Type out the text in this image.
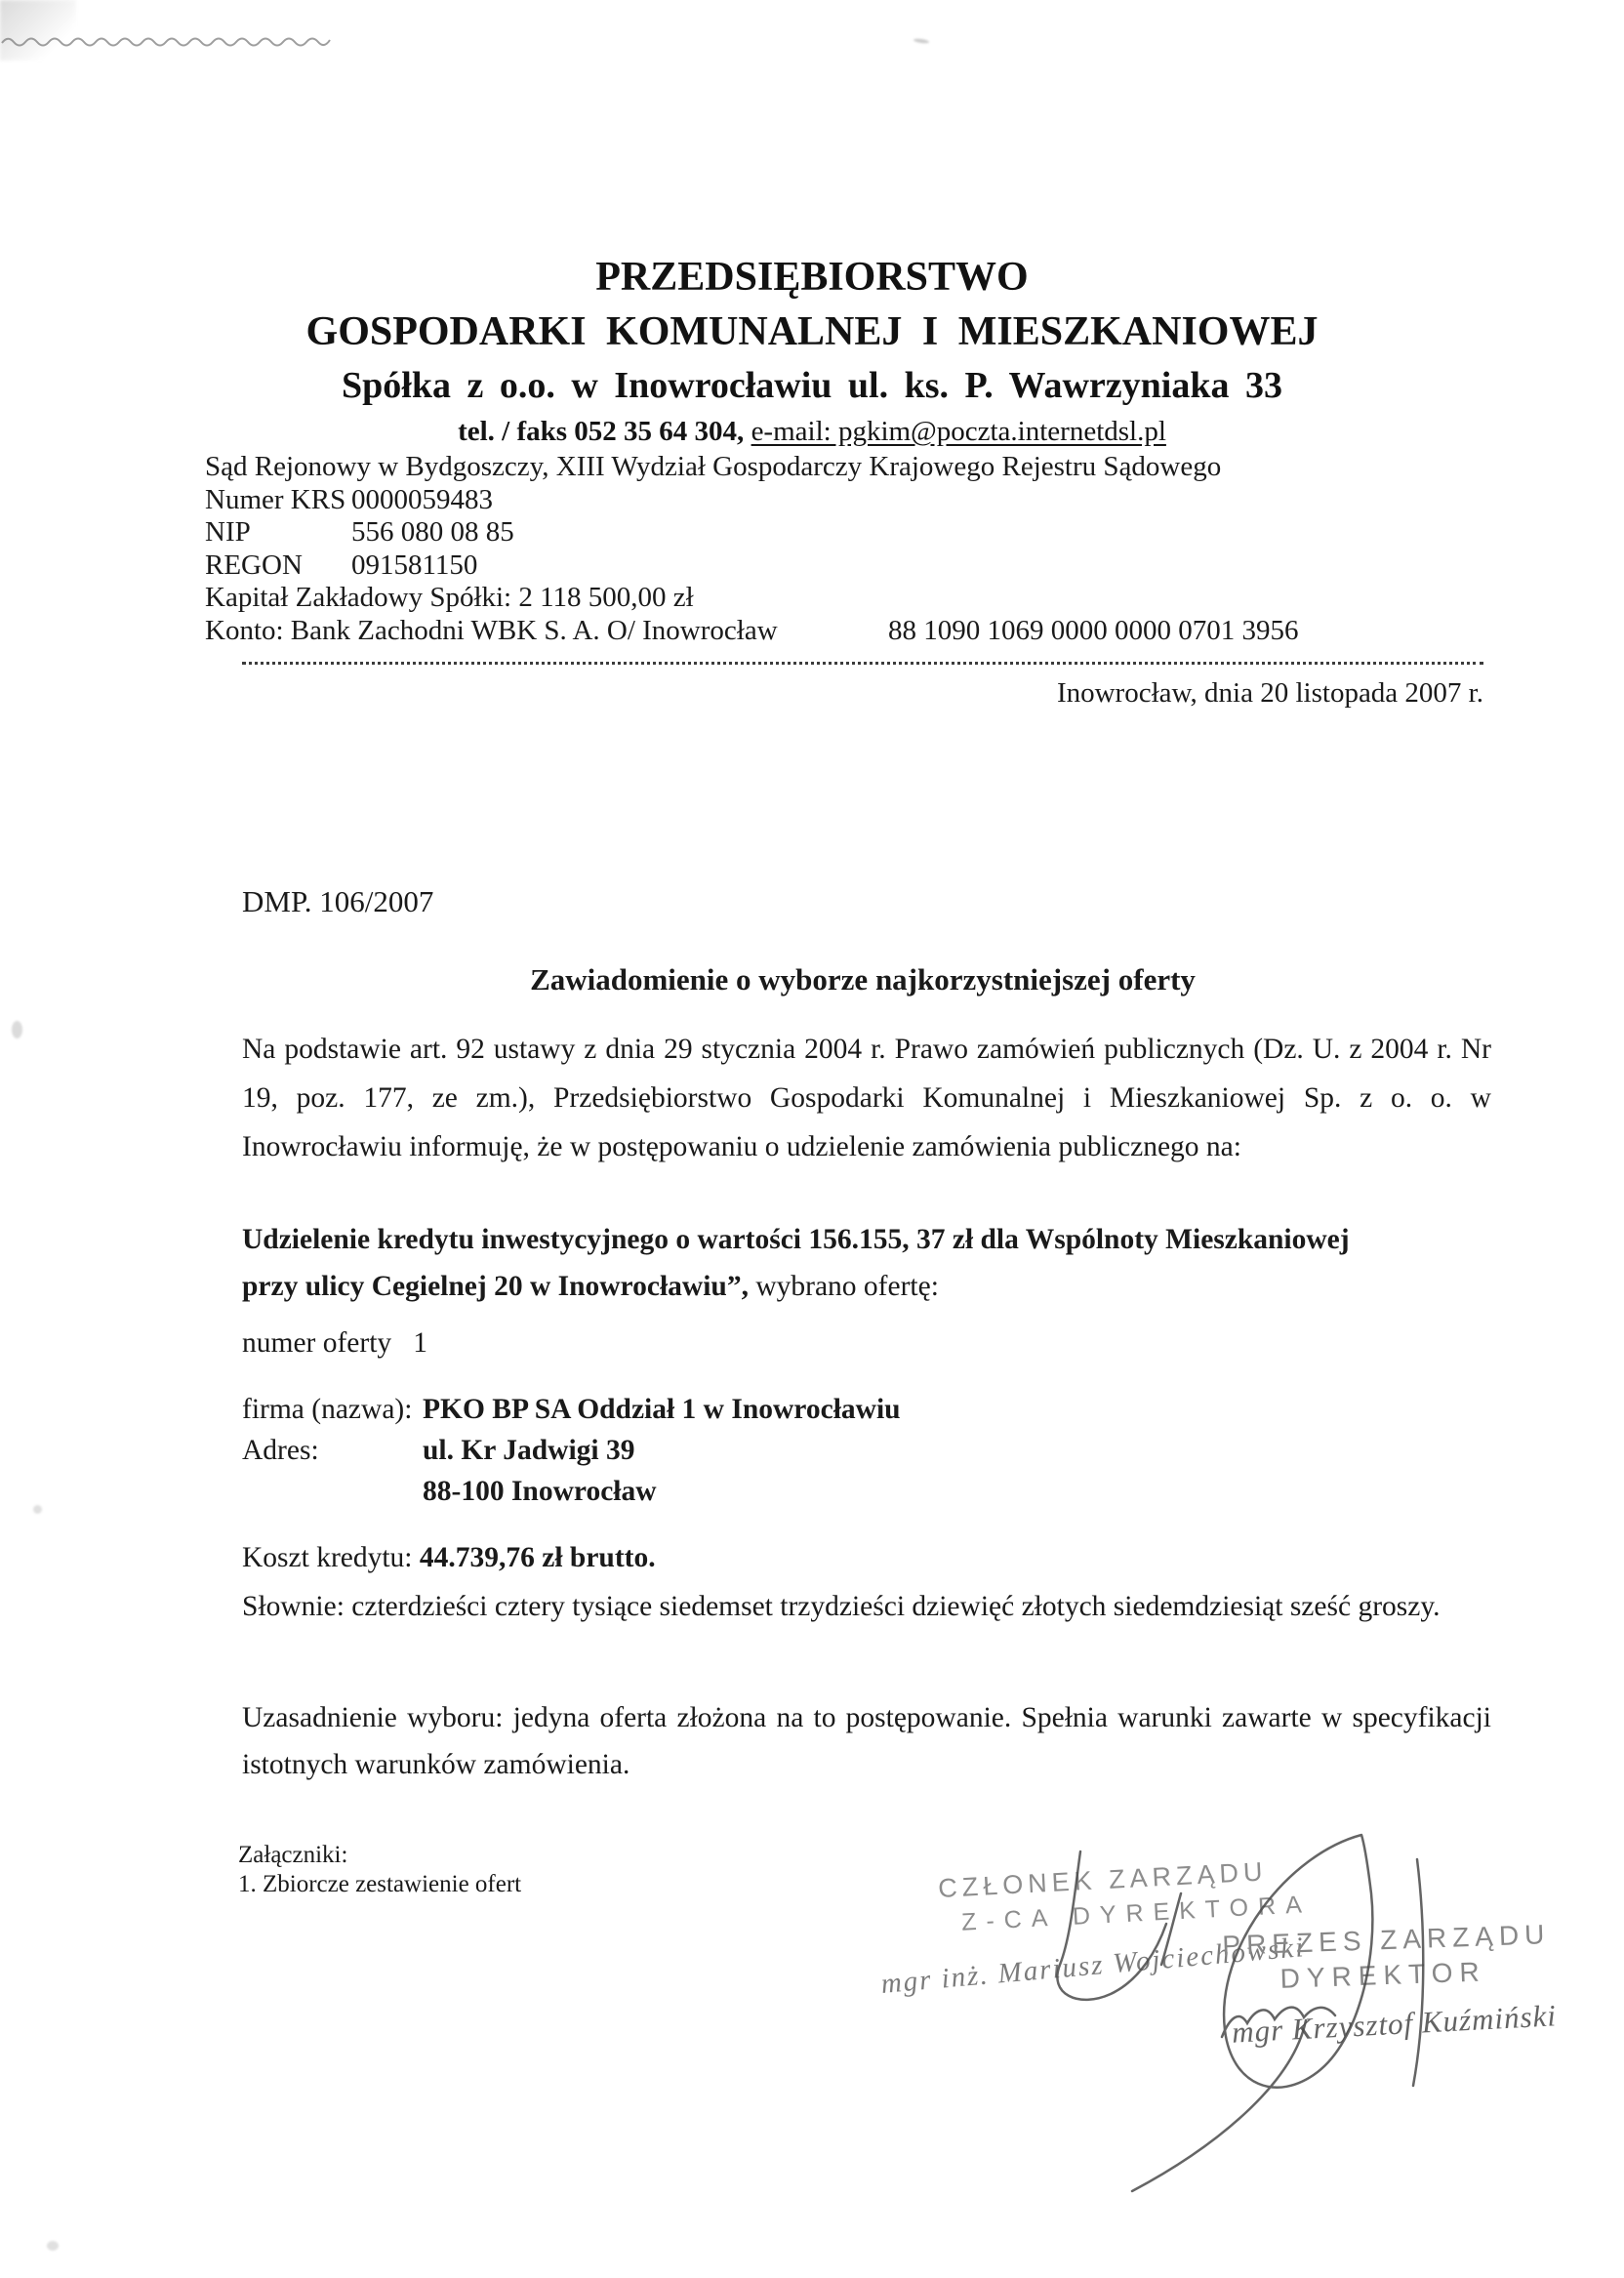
PRZEDSIĘBIORSTWO
GOSPODARKI KOMUNALNEJ I MIESZKANIOWEJ
Spółka z o.o. w Inowrocławiu ul. ks. P. Wawrzyniaka 33
tel. / faks 052 35 64 304, e-mail: pgkim@poczta.internetdsl.pl
Sąd Rejonowy w Bydgoszczy, XIII Wydział Gospodarczy Krajowego Rejestru Sądowego
Numer KRS 0000059483
NIP	556 080 08 85
REGON	091581150
Kapitał Zakładowy Spółki: 2 118 500,00 zł
Konto: Bank Zachodni WBK S. A. O/ Inowrocław	88 1090 1069 0000 0000 0701 3956
Inowrocław, dnia 20 listopada 2007 r.
DMP. 106/2007
Zawiadomienie o wyborze najkorzystniejszej oferty
Na podstawie art. 92 ustawy z dnia 29 stycznia 2004 r. Prawo zamówień publicznych (Dz. U. z 2004 r. Nr 19, poz. 177, ze zm.), Przedsiębiorstwo Gospodarki Komunalnej i Mieszkaniowej Sp. z o. o. w Inowrocławiu informuję, że w postępowaniu o udzielenie zamówienia publicznego na:
Udzielenie kredytu inwestycyjnego o wartości 156.155, 37 zł dla Wspólnoty Mieszkaniowej przy ulicy Cegielnej 20 w Inowrocławiu”, wybrano ofertę:
numer oferty 1
firma (nazwa): PKO BP SA Oddział 1 w Inowrocławiu
Adres:	ul. Kr Jadwigi 39
88-100 Inowrocław
Koszt kredytu: 44.739,76 zł brutto.
Słownie: czterdzieści cztery tysiące siedemset trzydzieści dziewięć złotych siedemdziesiąt sześć groszy.
Uzasadnienie wyboru: jedyna oferta złożona na to postępowanie. Spełnia warunki zawarte w specyfikacji istotnych warunków zamówienia.
Załączniki:
1. Zbiorcze zestawienie ofert	CZŁONEK ZARZĄDU
Z-CA DYREKTORA
mgr inż. Mariusz Wojciechowski
PREZES ZARZĄDU
DYREKTOR
mgr Krzysztof Kuźmiński
